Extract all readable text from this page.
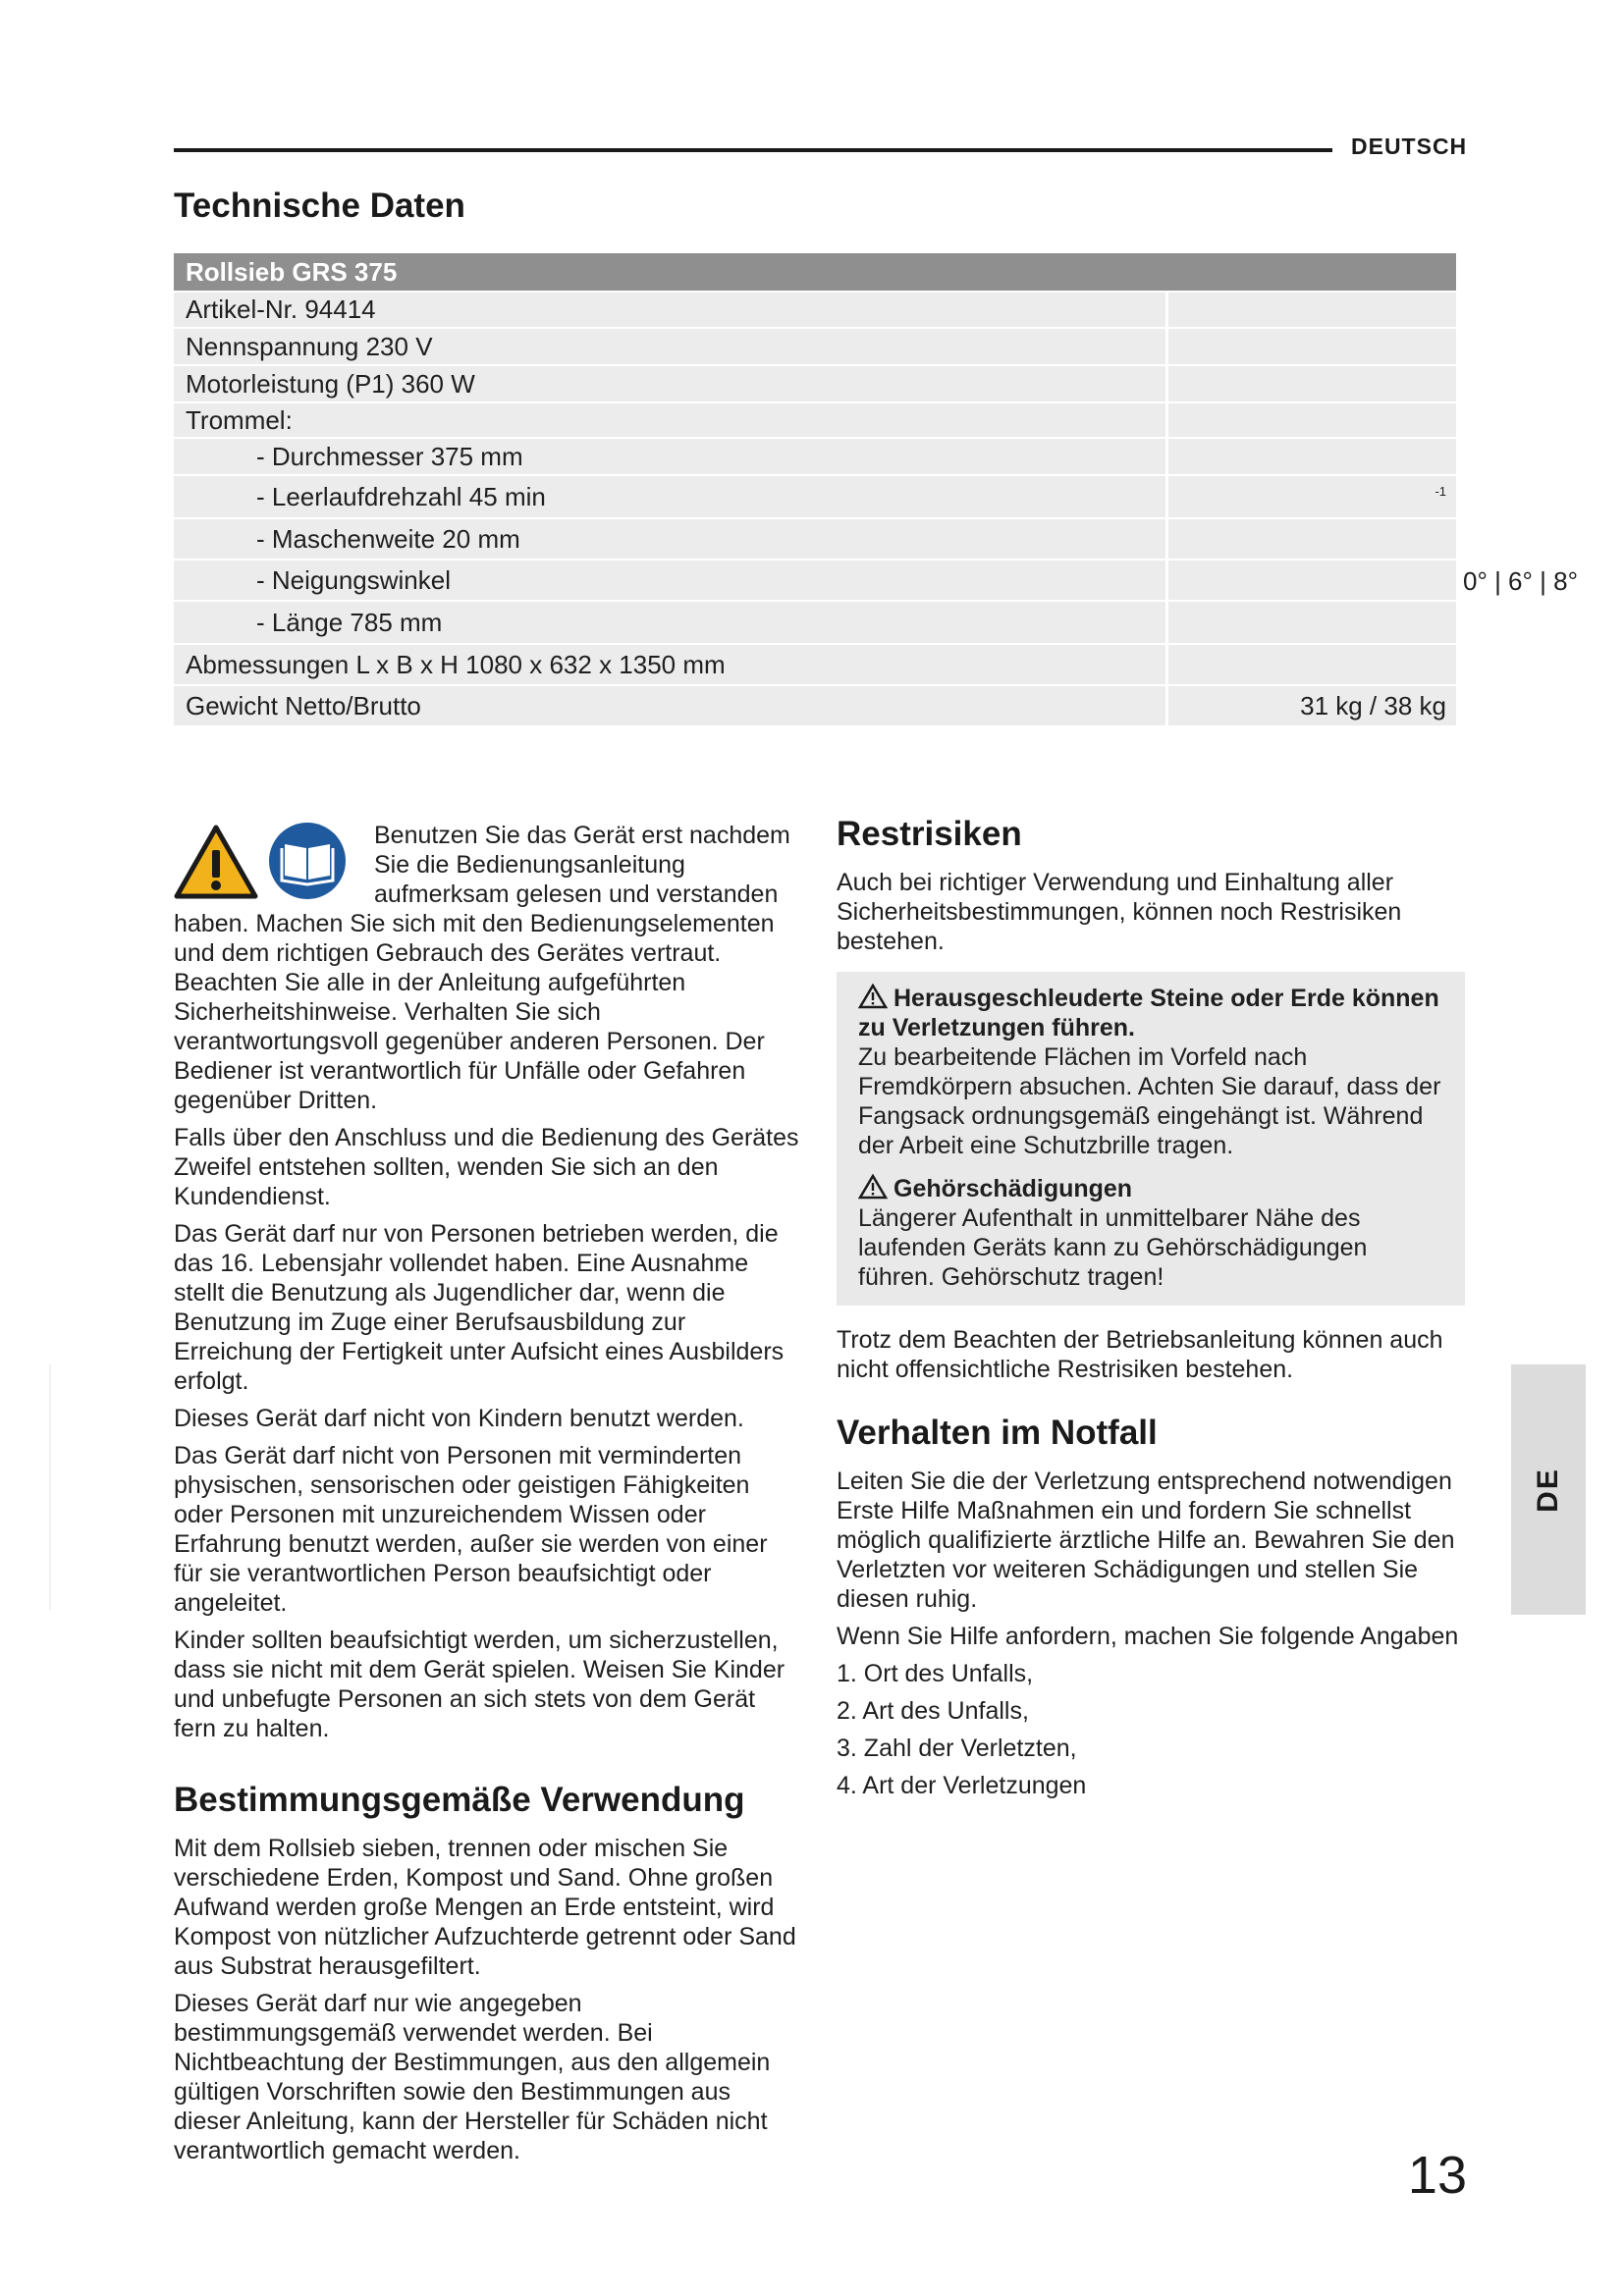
DEUTSCH
Technische Daten
Rollsieb GRS 375
Artikel-Nr. 94414
Nennspannung 230 V
Motorleistung (P1) 360 W
Trommel:
- Durchmesser 375 mm
- Leerlaufdrehzahl 45 min	-1
- Maschenweite 20 mm
- Neigungswinkel
- Länge 785 mm
Abmessungen L x B x H 1080 x 632 x 1350 mm
Gewicht Netto/Brutto	31 kg / 38 kg
0° | 6° | 8°

Benutzen Sie das Gerät erst nachdem Sie die Bedienungsanleitung aufmerksam gelesen und verstanden haben. Machen Sie sich mit den Bedienungselementen und dem richtigen Gebrauch des Gerätes vertraut. Beachten Sie alle in der Anleitung aufgeführten Sicherheitshinweise. Verhalten Sie sich verantwortungsvoll gegenüber anderen Personen. Der Bediener ist verantwortlich für Unfälle oder Gefahren gegenüber Dritten.

Falls über den Anschluss und die Bedienung des Gerätes Zweifel entstehen sollten, wenden Sie sich an den Kundendienst.

Das Gerät darf nur von Personen betrieben werden, die das 16. Lebensjahr vollendet haben. Eine Ausnahme stellt die Benutzung als Jugendlicher dar, wenn die Benutzung im Zuge einer Berufsausbildung zur Erreichung der Fertigkeit unter Aufsicht eines Ausbilders erfolgt.

Dieses Gerät darf nicht von Kindern benutzt werden.

Das Gerät darf nicht von Personen mit verminderten physischen, sensorischen oder geistigen Fähigkeiten oder Personen mit unzureichendem Wissen oder Erfahrung benutzt werden, außer sie werden von einer für sie verantwortlichen Person beaufsichtigt oder angeleitet.

Kinder sollten beaufsichtigt werden, um sicherzustellen, dass sie nicht mit dem Gerät spielen. Weisen Sie Kinder und unbefugte Personen an sich stets von dem Gerät fern zu halten.

Bestimmungsgemäße Verwendung

Mit dem Rollsieb sieben, trennen oder mischen Sie verschiedene Erden, Kompost und Sand. Ohne großen Aufwand werden große Mengen an Erde entsteint, wird Kompost von nützlicher Aufzuchterde getrennt oder Sand aus Substrat herausgefiltert.

Dieses Gerät darf nur wie angegeben bestimmungsgemäß verwendet werden. Bei Nichtbeachtung der Bestimmungen, aus den allgemein gültigen Vorschriften sowie den Bestimmungen aus dieser Anleitung, kann der Hersteller für Schäden nicht verantwortlich gemacht werden.

Restrisiken

Auch bei richtiger Verwendung und Einhaltung aller Sicherheitsbestimmungen, können noch Restrisiken bestehen.

Herausgeschleuderte Steine oder Erde können zu Verletzungen führen.
Zu bearbeitende Flächen im Vorfeld nach Fremdkörpern absuchen. Achten Sie darauf, dass der Fangsack ordnungsgemäß eingehängt ist. Während der Arbeit eine Schutzbrille tragen.
Gehörschädigungen
Längerer Aufenthalt in unmittelbarer Nähe des laufenden Geräts kann zu Gehörschädigungen führen. Gehörschutz tragen!

Trotz dem Beachten der Betriebsanleitung können auch nicht offensichtliche Restrisiken bestehen.

Verhalten im Notfall

Leiten Sie die der Verletzung entsprechend notwendigen Erste Hilfe Maßnahmen ein und fordern Sie schnellst möglich qualifizierte ärztliche Hilfe an. Bewahren Sie den Verletzten vor weiteren Schädigungen und stellen Sie diesen ruhig.

Wenn Sie Hilfe anfordern, machen Sie folgende Angaben

1. Ort des Unfalls,
2. Art des Unfalls,
3. Zahl der Verletzten,
4. Art der Verletzungen
DE
13
